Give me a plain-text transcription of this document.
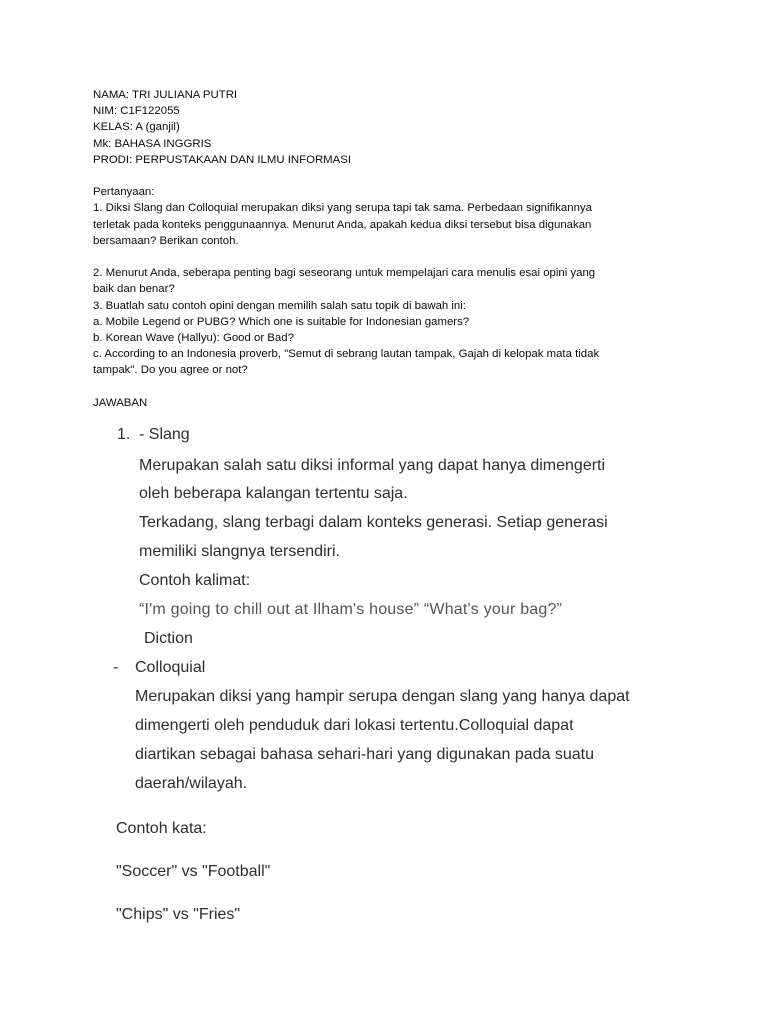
NAMA: TRI JULIANA PUTRI
NIM: C1F122055
KELAS: A (ganjil)
Mk: BAHASA INGGRIS
PRODI: PERPUSTAKAAN DAN ILMU INFORMASI
Pertanyaan:
1. Diksi Slang dan Colloquial merupakan diksi yang serupa tapi tak sama. Perbedaan signifikannya
terletak pada konteks penggunaannya. Menurut Anda, apakah kedua diksi tersebut bisa digunakan
bersamaan? Berikan contoh.
2. Menurut Anda, seberapa penting bagi seseorang untuk mempelajari cara menulis esai opini yang
baik dan benar?
3. Buatlah satu contoh opini dengan memilih salah satu topik di bawah ini:
a. Mobile Legend or PUBG? Which one is suitable for Indonesian gamers?
b. Korean Wave (Hallyu): Good or Bad?
c. According to an Indonesia proverb, "Semut di sebrang lautan tampak, Gajah di kelopak mata tidak
tampak". Do you agree or not?
JAWABAN
1. - Slang
Merupakan salah satu diksi informal yang dapat hanya dimengerti
oleh beberapa kalangan tertentu saja.
Terkadang, slang terbagi dalam konteks generasi. Setiap generasi
memiliki slangnya tersendiri.
Contoh kalimat:
“I'm going to chill out at Ilham's house” “What's your bag?”
Diction
- Colloquial
Merupakan diksi yang hampir serupa dengan slang yang hanya dapat
dimengerti oleh penduduk dari lokasi tertentu.Colloquial dapat
diartikan sebagai bahasa sehari-hari yang digunakan pada suatu
daerah/wilayah.
Contoh kata:
"Soccer" vs "Football"
"Chips" vs "Fries"
